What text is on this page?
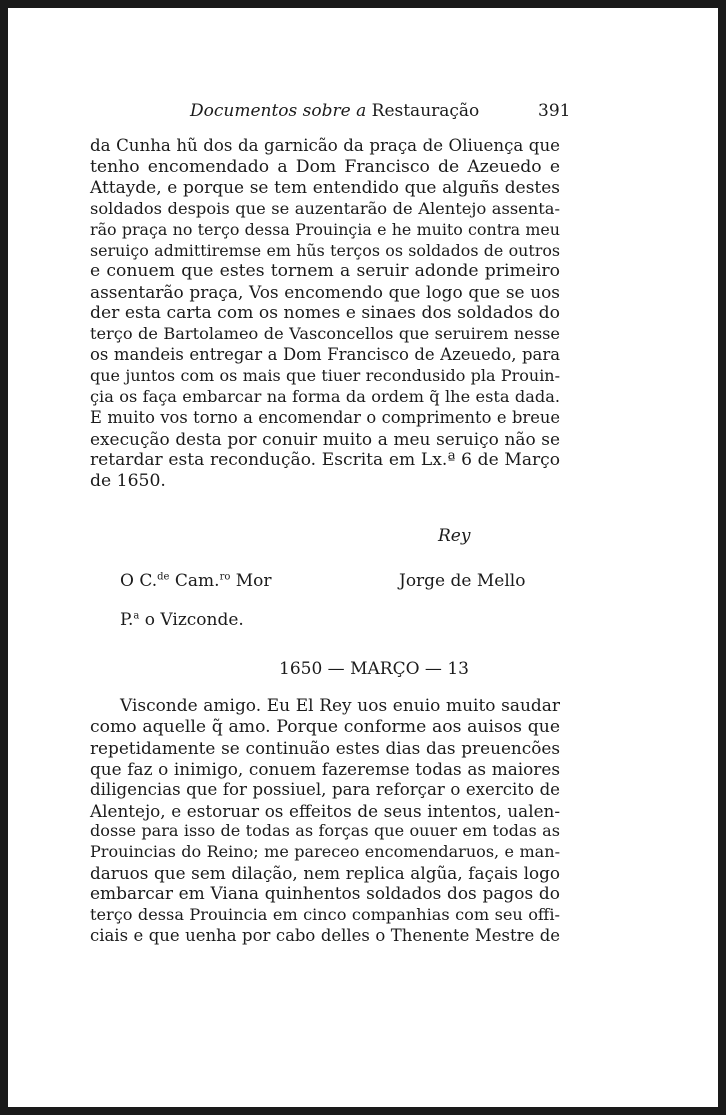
Documentos sobre a Restauração	391
da Cunha hũ dos da garnicão da praça de Oliuença que
tenho encomendado a Dom Francisco de Azeuedo e
Attayde, e porque se tem entendido que alguñs destes
soldados despois que se auzentarão de Alentejo assenta-
rão praça no terço dessa Prouinçia e he muito contra meu
seruiço admittiremse em hũs terços os soldados de outros
e conuem que estes tornem a seruir adonde primeiro
assentarão praça, Vos encomendo que logo que se uos
der esta carta com os nomes e sinaes dos soldados do
terço de Bartolameo de Vasconcellos que seruirem nesse
os mandeis entregar a Dom Francisco de Azeuedo, para
que juntos com os mais que tiuer recondusido pla Prouin-
çia os faça embarcar na forma da ordem q̃ lhe esta dada.
E muito vos torno a encomendar o comprimento e breue
execução desta por conuir muito a meu seruiço não se
retardar esta recondução. Escrita em Lx.ª 6 de Março
de 1650.
Rey
O C.$^{de}$ Cam.$^{ro}$ Mor	Jorge de Mello
P.$^a$ o Vizconde.
1650 — MARÇO — 13
Visconde amigo. Eu El Rey uos enuio muito saudar
como aquelle q̃ amo. Porque conforme aos auisos que
repetidamente se continuão estes dias das preuencões
que faz o inimigo, conuem fazeremse todas as maiores
diligencias que for possiuel, para reforçar o exercito de
Alentejo, e estoruar os effeitos de seus intentos, ualen-
dosse para isso de todas as forças que ouuer em todas as
Prouincias do Reino; me pareceo encomendaruos, e man-
daruos que sem dilação, nem replica algũa, façais logo
embarcar em Viana quinhentos soldados dos pagos do
terço dessa Prouincia em cinco companhias com seu offi-
ciais e que uenha por cabo delles o Thenente Mestre de
